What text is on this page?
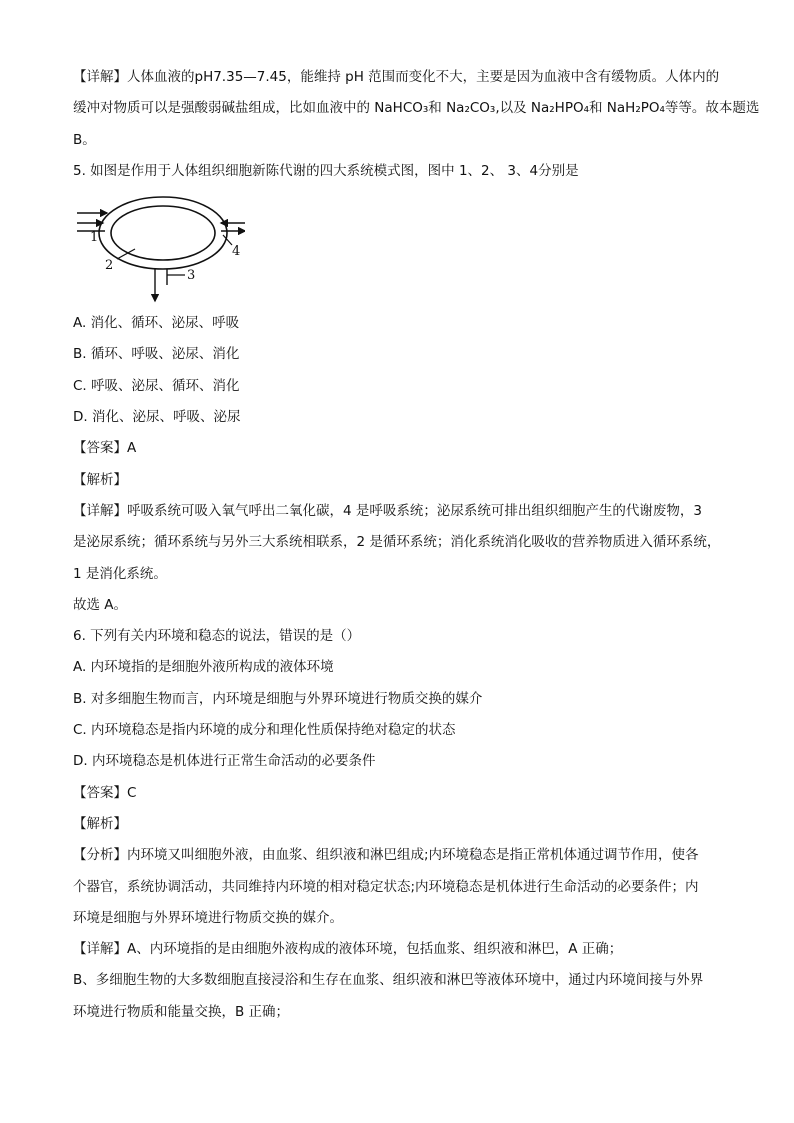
【详解】人体血液的pH7.35—7.45，能维持 pH 范围而变化不大，主要是因为血液中含有缓物质。人体内的
缓冲对物质可以是强酸弱碱盐组成，比如血液中的 NaHCO₃和 Na₂CO₃,以及 Na₂HPO₄和 NaH₂PO₄等等。故本题选
B。
5. 如图是作用于人体组织细胞新陈代谢的四大系统模式图，图中 1、2、 3、4分别是
1
2
3
4
A. 消化、循环、泌尿、呼吸
B. 循环、呼吸、泌尿、消化
C. 呼吸、泌尿、循环、消化
D. 消化、泌尿、呼吸、泌尿
【答案】A
【解析】
【详解】呼吸系统可吸入氧气呼出二氧化碳，4 是呼吸系统；泌尿系统可排出组织细胞产生的代谢废物，3
是泌尿系统；循环系统与另外三大系统相联系，2 是循环系统；消化系统消化吸收的营养物质进入循环系统，
1 是消化系统。
故选 A。
6. 下列有关内环境和稳态的说法，错误的是（）
A. 内环境指的是细胞外液所构成的液体环境
B. 对多细胞生物而言，内环境是细胞与外界环境进行物质交换的媒介
C. 内环境稳态是指内环境的成分和理化性质保持绝对稳定的状态
D. 内环境稳态是机体进行正常生命活动的必要条件
【答案】C
【解析】
【分析】内环境又叫细胞外液，由血浆、组织液和淋巴组成;内环境稳态是指正常机体通过调节作用，使各
个器官，系统协调活动，共同维持内环境的相对稳定状态;内环境稳态是机体进行生命活动的必要条件；内
环境是细胞与外界环境进行物质交换的媒介。
【详解】A、内环境指的是由细胞外液构成的液体环境，包括血浆、组织液和淋巴，A 正确；
B、多细胞生物的大多数细胞直接浸浴和生存在血浆、组织液和淋巴等液体环境中，通过内环境间接与外界
环境进行物质和能量交换，B 正确；
